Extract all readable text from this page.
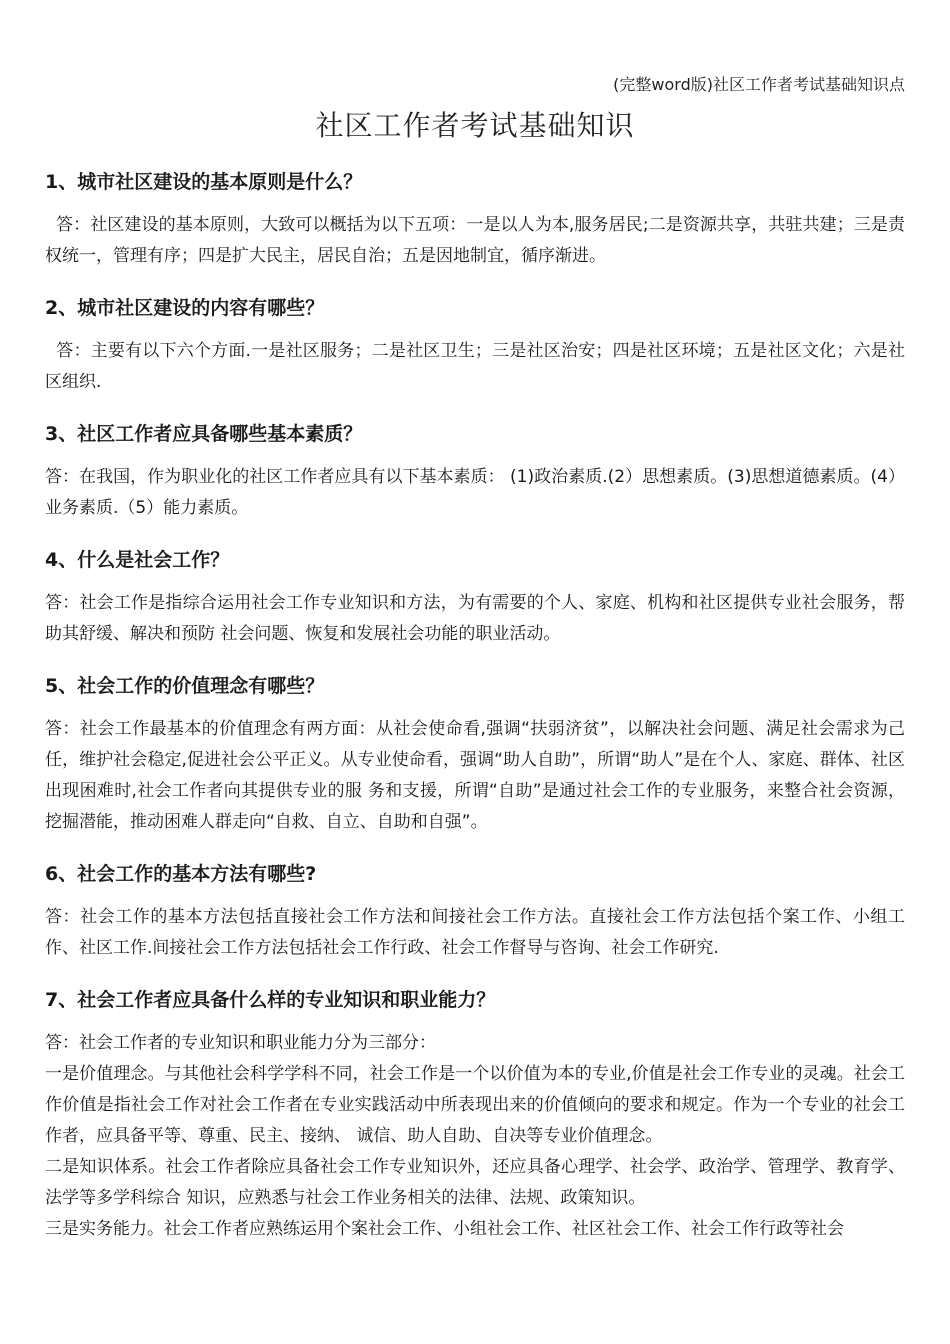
(完整word版)社区工作者考试基础知识点
社区工作者考试基础知识

1、城市社区建设的基本原则是什么？

答：社区建设的基本原则，大致可以概括为以下五项：一是以人为本,服务居民;二是资源共享，共驻共建；三是责权统一，管理有序；四是扩大民主，居民自治；五是因地制宜，循序渐进。

2、城市社区建设的内容有哪些？

答：主要有以下六个方面.一是社区服务；二是社区卫生；三是社区治安；四是社区环境；五是社区文化；六是社区组织.

3、社区工作者应具备哪些基本素质？

答：在我国，作为职业化的社区工作者应具有以下基本素质： (1)政治素质.(2）思想素质。(3)思想道德素质。(4）业务素质.（5）能力素质。

4、什么是社会工作？

答：社会工作是指综合运用社会工作专业知识和方法，为有需要的个人、家庭、机构和社区提供专业社会服务，帮助其舒缓、解决和预防 社会问题、恢复和发展社会功能的职业活动。

5、社会工作的价值理念有哪些？

答：社会工作最基本的价值理念有两方面：从社会使命看,强调“扶弱济贫”，以解决社会问题、满足社会需求为己任，维护社会稳定,促进社会公平正义。从专业使命看，强调“助人自助”，所谓“助人”是在个人、家庭、群体、社区出现困难时,社会工作者向其提供专业的服 务和支援，所谓“自助”是通过社会工作的专业服务，来整合社会资源，挖掘潜能，推动困难人群走向“自救、自立、自助和自强”。

6、社会工作的基本方法有哪些?

答：社会工作的基本方法包括直接社会工作方法和间接社会工作方法。直接社会工作方法包括个案工作、小组工作、社区工作.间接社会工作方法包括社会工作行政、社会工作督导与咨询、社会工作研究.

7、社会工作者应具备什么样的专业知识和职业能力？

答：社会工作者的专业知识和职业能力分为三部分：

一是价值理念。与其他社会科学学科不同，社会工作是一个以价值为本的专业,价值是社会工作专业的灵魂。社会工作价值是指社会工作对社会工作者在专业实践活动中所表现出来的价值倾向的要求和规定。作为一个专业的社会工作者，应具备平等、尊重、民主、接纳、 诚信、助人自助、自决等专业价值理念。

二是知识体系。社会工作者除应具备社会工作专业知识外，还应具备心理学、社会学、政治学、管理学、教育学、法学等多学科综合 知识，应熟悉与社会工作业务相关的法律、法规、政策知识。

三是实务能力。社会工作者应熟练运用个案社会工作、小组社会工作、社区社会工作、社会工作行政等社会
